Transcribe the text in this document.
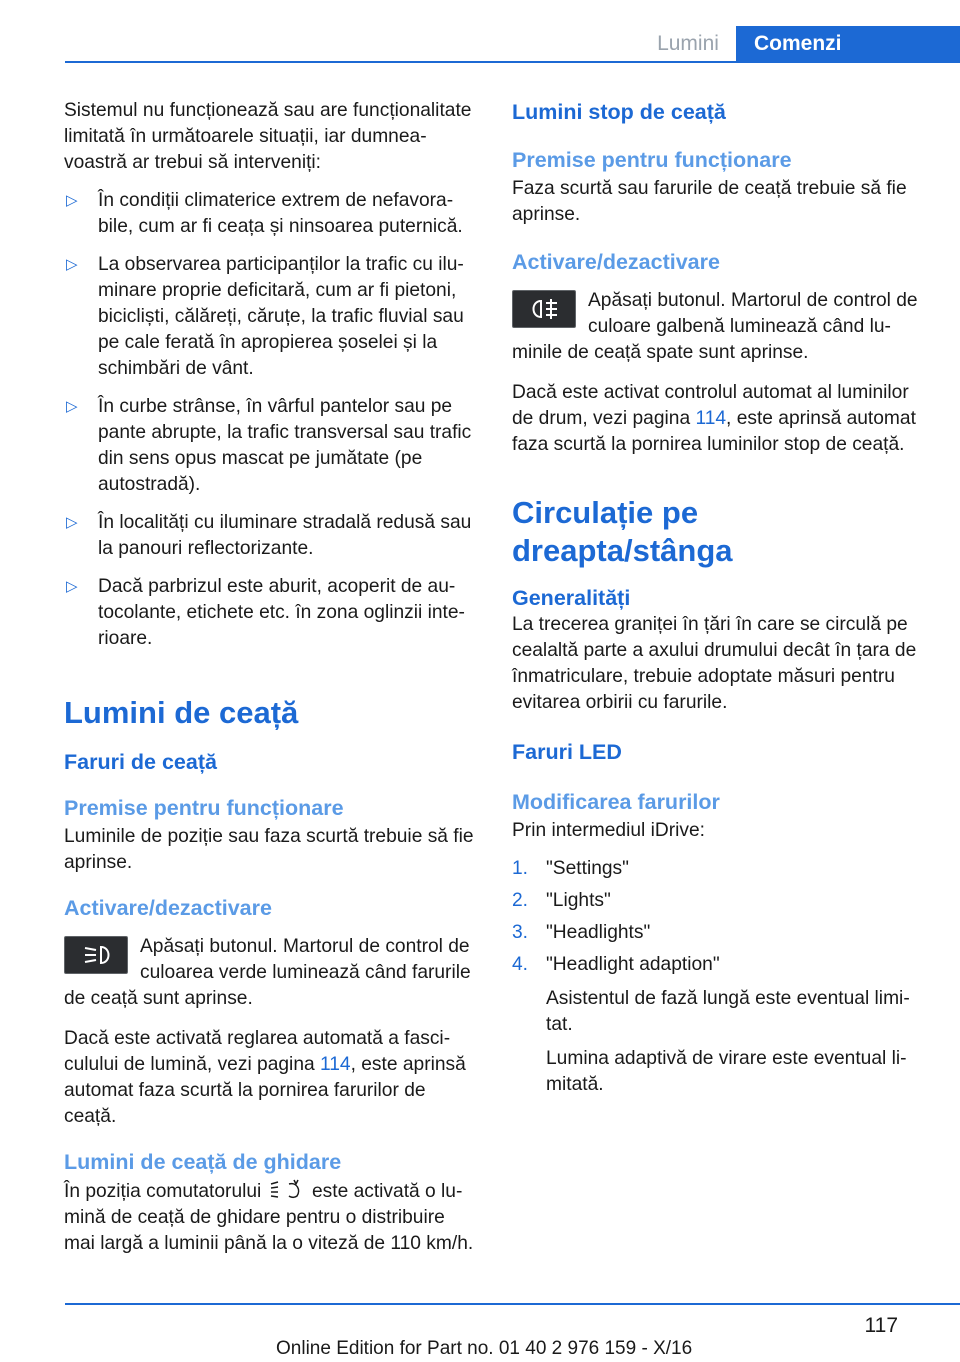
Lumini	Comenzi

Sistemul nu funcționează sau are funcționalitate limitată în următoarele situații, iar dumneavoastră ar trebui să interveniți:

▷ În condiții climaterice extrem de nefavorabile, cum ar fi ceața și ninsoarea puternică.
▷ La observarea participanților la trafic cu iluminare proprie deficitară, cum ar fi pietoni, bicicliști, călăreți, căruțe, la trafic fluvial sau pe cale ferată în apropierea șoselei și la schimbări de vânt.
▷ În curbe strânse, în vârful pantelor sau pe pante abrupte, la trafic transversal sau trafic din sens opus mascat pe jumătate (pe autostradă).
▷ În localități cu iluminare stradală redusă sau la panouri reflectorizante.
▷ Dacă parbrizul este aburit, acoperit de autocolante, etichete etc. în zona oglinzii interioare.
Lumini de ceață
Faruri de ceață
Premise pentru funcționare

Luminile de poziție sau faza scurtă trebuie să fie aprinse.

Activare/dezactivare

Apăsați butonul. Martorul de control de culoarea verde luminează când farurile de ceață sunt aprinse.

Dacă este activată reglarea automată a fasciculului de lumină, vezi pagina 114, este aprinsă automat faza scurtă la pornirea farurilor de ceață.

Lumini de ceață de ghidare

În poziția comutatorului  este activată o lumină de ceață de ghidare pentru o distribuire mai largă a luminii până la o viteză de 110 km/h.

Lumini stop de ceață
Premise pentru funcționare

Faza scurtă sau farurile de ceață trebuie să fie aprinse.

Activare/dezactivare

Apăsați butonul. Martorul de control de culoare galbenă luminează când luminile de ceață spate sunt aprinse.

Dacă este activat controlul automat al luminilor de drum, vezi pagina 114, este aprinsă automat faza scurtă la pornirea luminilor stop de ceață.

Circulație pe dreapta/stânga
Generalități

La trecerea graniței în țări în care se circulă pe cealaltă parte a axului drumului decât în țara de înmatriculare, trebuie adoptate măsuri pentru evitarea orbirii cu farurile.

Faruri LED
Modificarea farurilor

Prin intermediul iDrive:

1. "Settings"
2. "Lights"
3. "Headlights"
4. "Headlight adaption"

Asistentul de fază lungă este eventual limitat.

Lumina adaptivă de virare este eventual limitată.

117
Online Edition for Part no. 01 40 2 976 159 - X/16
